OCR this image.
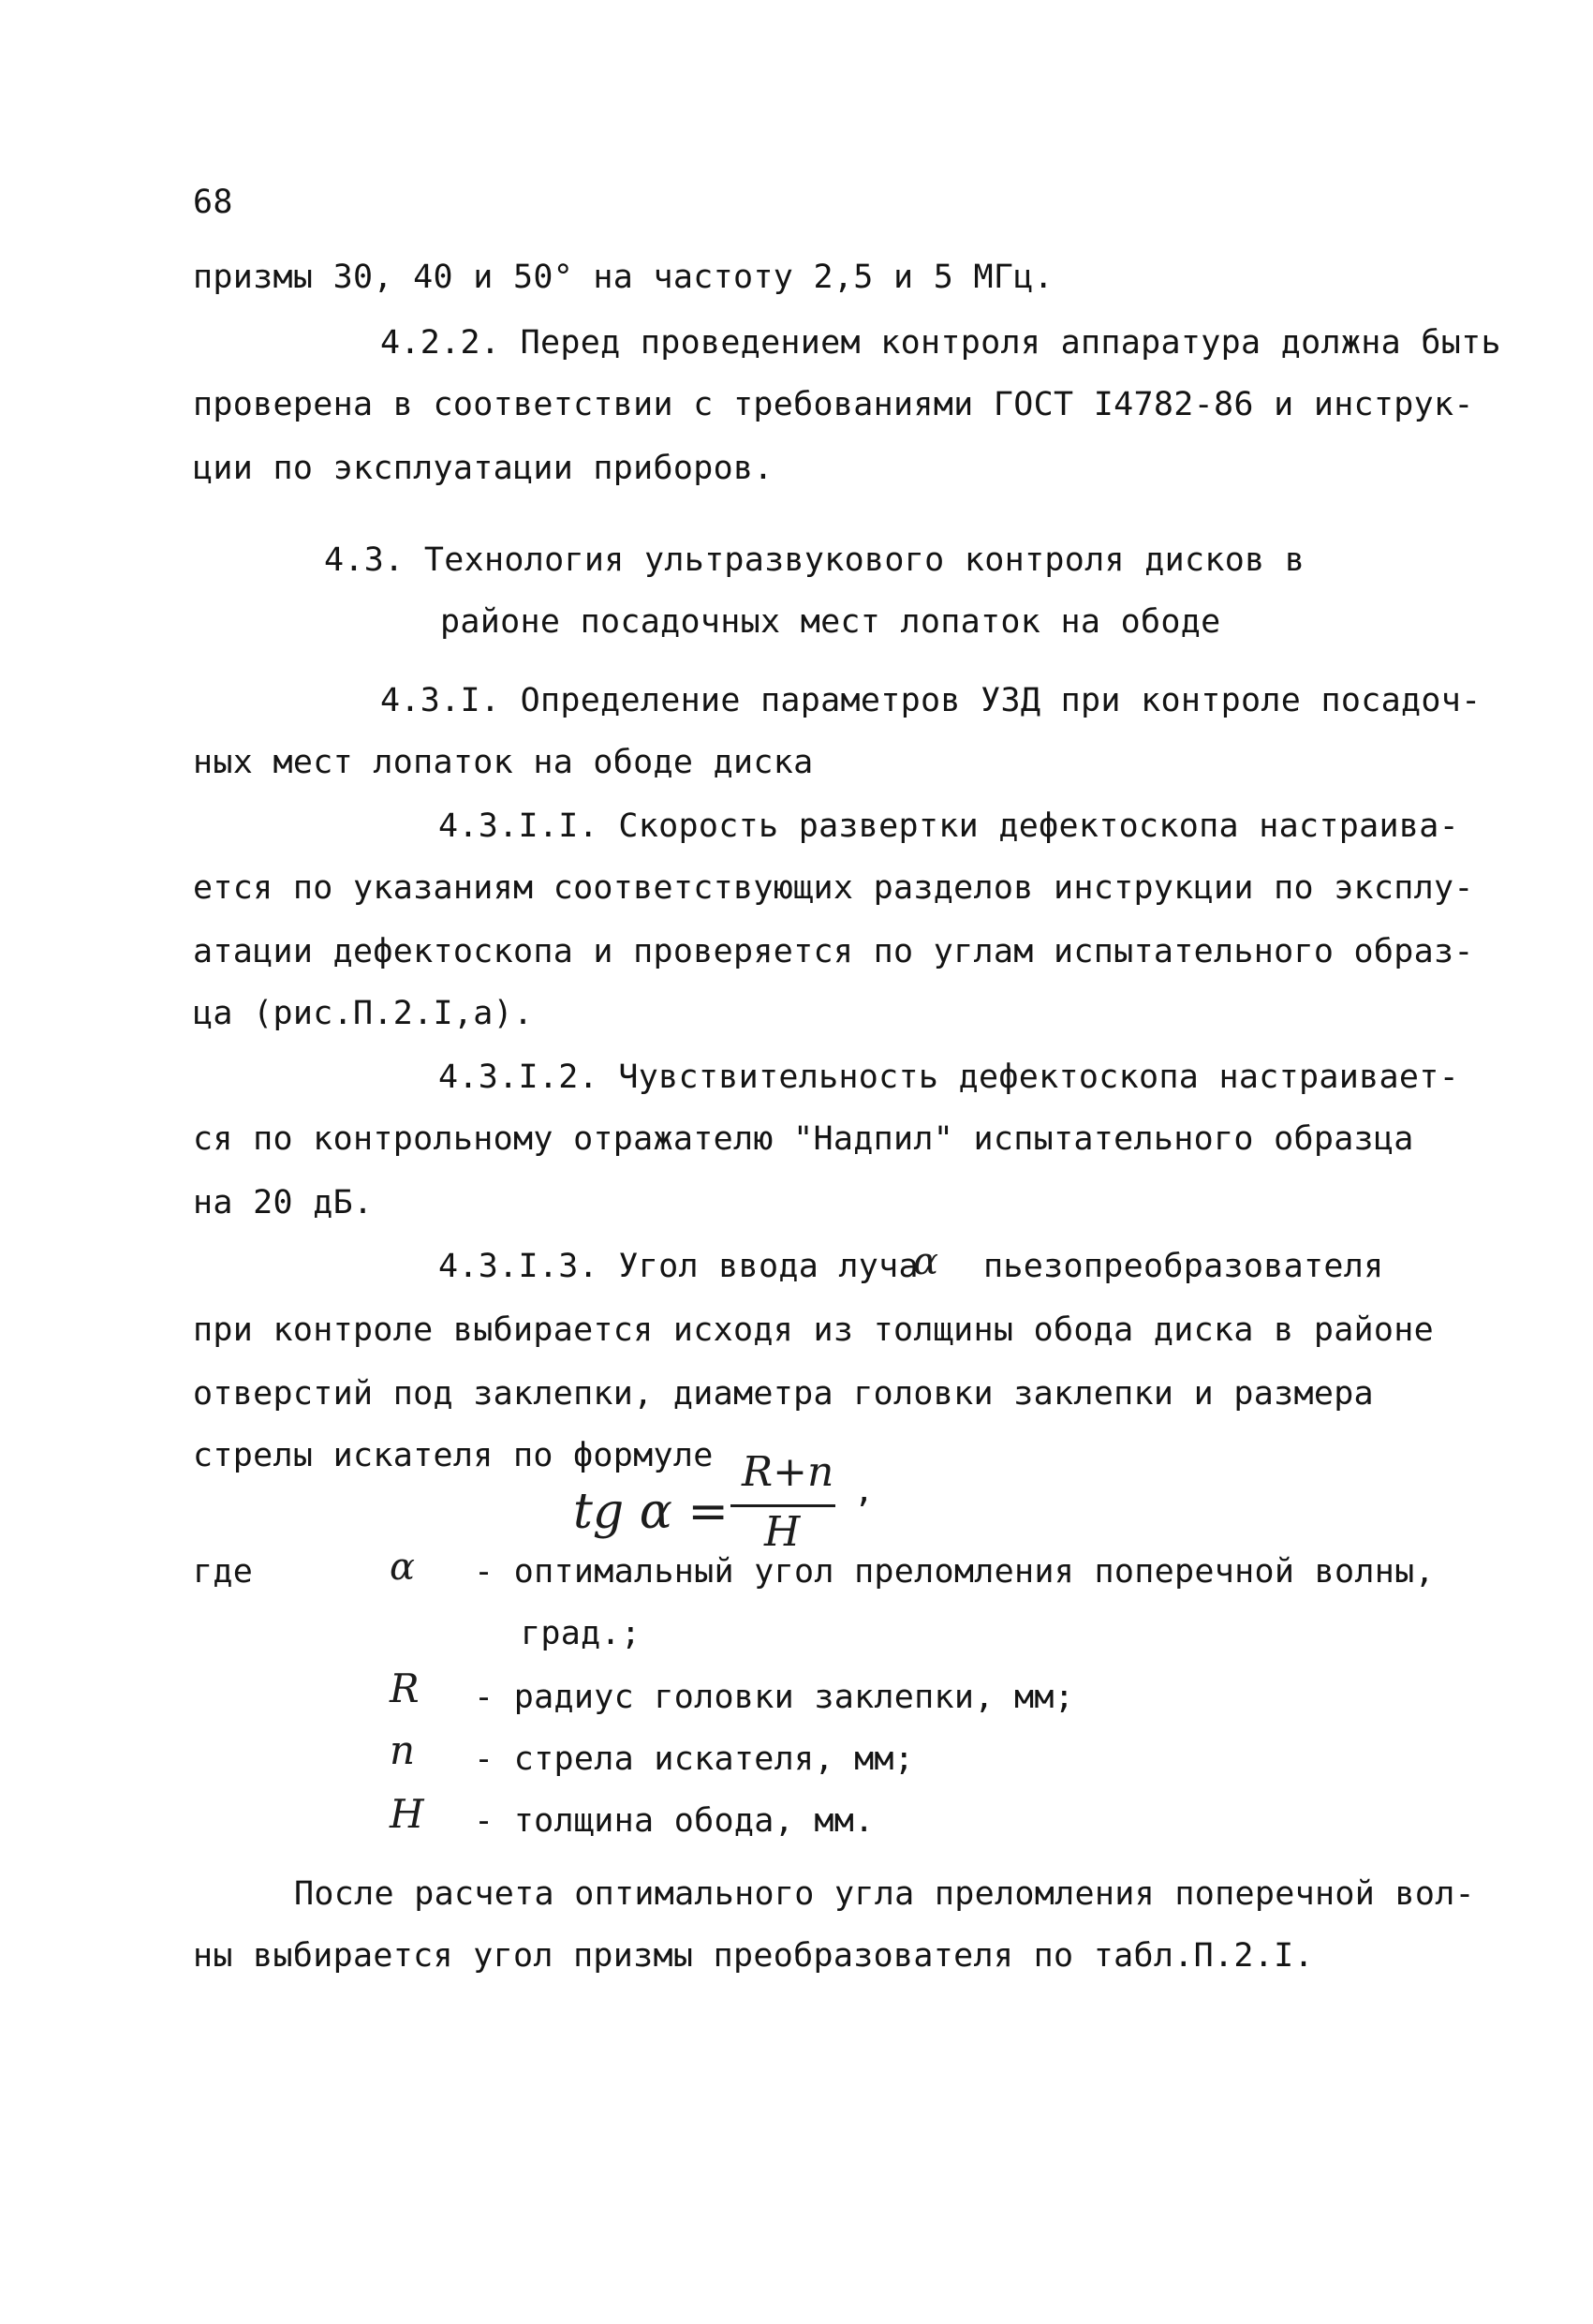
68
призмы 30, 40 и 50° на частоту 2,5 и 5 МГц.
4.2.2. Перед проведением контроля аппаратура должна быть
проверена в соответствии с требованиями ГОСТ I4782-86 и инструк-
ции по эксплуатации приборов.
4.3. Технология ультразвукового контроля дисков в
районе посадочных мест лопаток на ободе
4.3.I. Определение параметров УЗД при контроле посадоч-
ных мест лопаток на ободе диска
4.3.I.I. Скорость развертки дефектоскопа настраива-
ется по указаниям соответствующих разделов инструкции по эксплу-
атации дефектоскопа и проверяется по углам испытательного образ-
ца (рис.П.2.I,а).
4.3.I.2. Чувствительность дефектоскопа настраивает-
ся по контрольному отражателю "Надпил" испытательного образца
на 20 дБ.
4.3.I.3. Угол ввода луча
α пьезопреобразователя
при контроле выбирается исходя из толщины обода диска в районе
отверстий под заклепки, диаметра головки заклепки и размера
стрелы искателя по формуле
tg α =
R+n
H
,
где	α - оптимальный угол преломления поперечной волны,
град.;
R - радиус головки заклепки, мм;
n - стрела искателя, мм;
H - толщина обода, мм.
После расчета оптимального угла преломления поперечной вол-
ны выбирается угол призмы преобразователя по табл.П.2.I.
